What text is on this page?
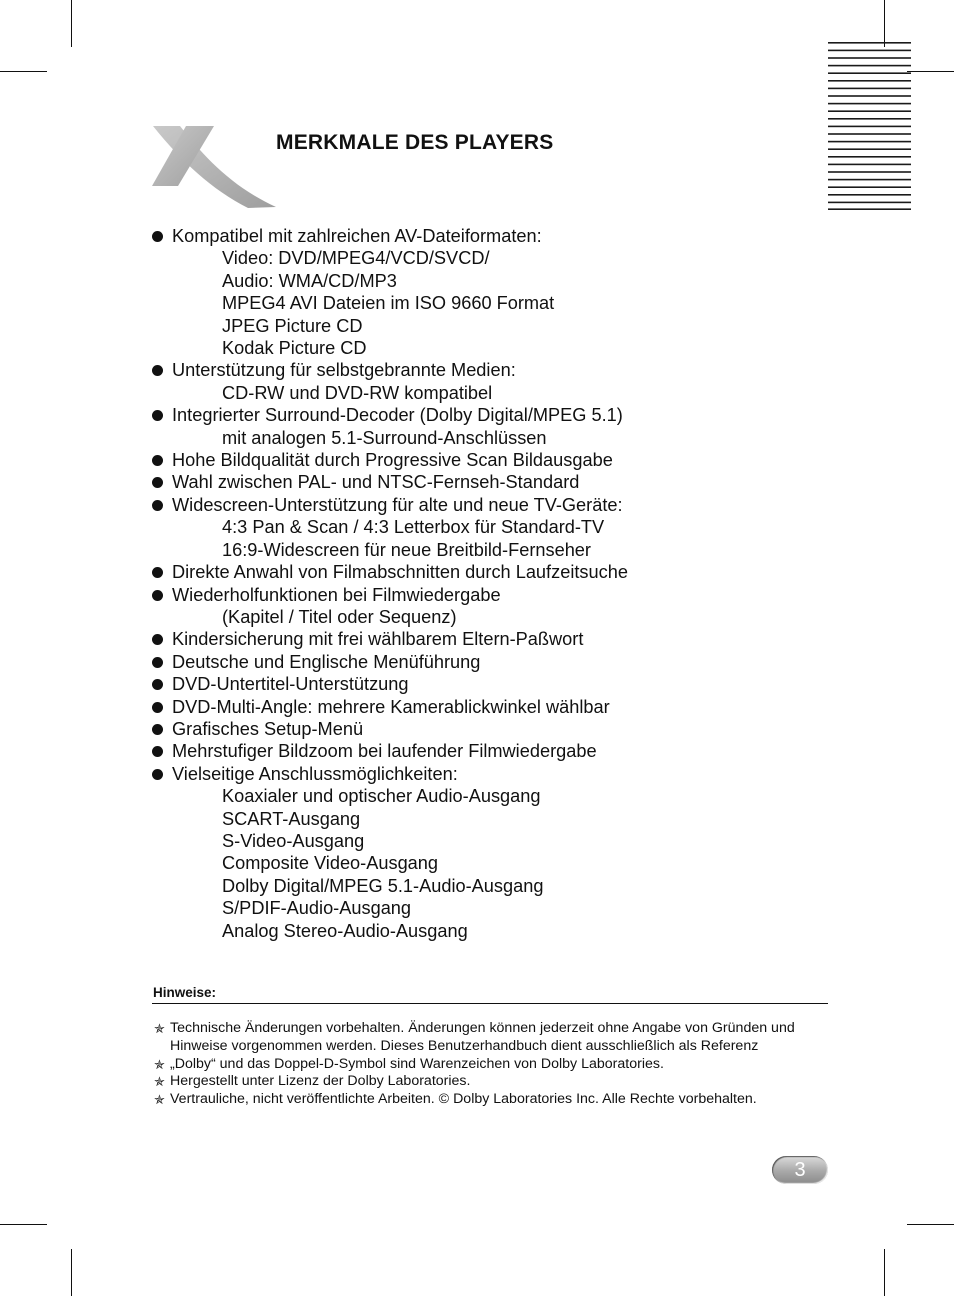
MERKMALE DES PLAYERS
Kompatibel mit zahlreichen AV-Dateiformaten:
Video: DVD/MPEG4/VCD/SVCD/
Audio: WMA/CD/MP3
MPEG4 AVI Dateien im ISO 9660 Format
JPEG Picture CD
Kodak Picture CD
Unterstützung für selbstgebrannte Medien:
CD-RW und DVD-RW kompatibel
Integrierter Surround-Decoder (Dolby Digital/MPEG 5.1)
mit analogen 5.1-Surround-Anschlüssen
Hohe Bildqualität durch Progressive Scan Bildausgabe
Wahl zwischen PAL- und NTSC-Fernseh-Standard
Widescreen-Unterstützung für alte und neue TV-Geräte:
4:3 Pan & Scan / 4:3 Letterbox für Standard-TV
16:9-Widescreen für neue Breitbild-Fernseher
Direkte Anwahl von Filmabschnitten durch Laufzeitsuche
Wiederholfunktionen bei Filmwiedergabe
(Kapitel / Titel oder Sequenz)
Kindersicherung mit frei wählbarem Eltern-Paßwort
Deutsche und Englische Menüführung
DVD-Untertitel-Unterstützung
DVD-Multi-Angle: mehrere Kamerablickwinkel wählbar
Grafisches Setup-Menü
Mehrstufiger Bildzoom bei laufender Filmwiedergabe
Vielseitige Anschlussmöglichkeiten:
Koaxialer und optischer Audio-Ausgang
SCART-Ausgang
S-Video-Ausgang
Composite Video-Ausgang
Dolby Digital/MPEG 5.1-Audio-Ausgang
S/PDIF-Audio-Ausgang
Analog Stereo-Audio-Ausgang
Hinweise:
✯ Technische Änderungen vorbehalten. Änderungen können jederzeit ohne Angabe von Gründen und Hinweise vorgenommen werden. Dieses Benutzerhandbuch dient ausschließlich als Referenz
✯ „Dolby“ und das Doppel-D-Symbol sind Warenzeichen von Dolby Laboratories.
✯ Hergestellt unter Lizenz der Dolby Laboratories.
✯ Vertrauliche, nicht veröffentlichte Arbeiten. © Dolby Laboratories Inc. Alle Rechte vorbehalten.
3
